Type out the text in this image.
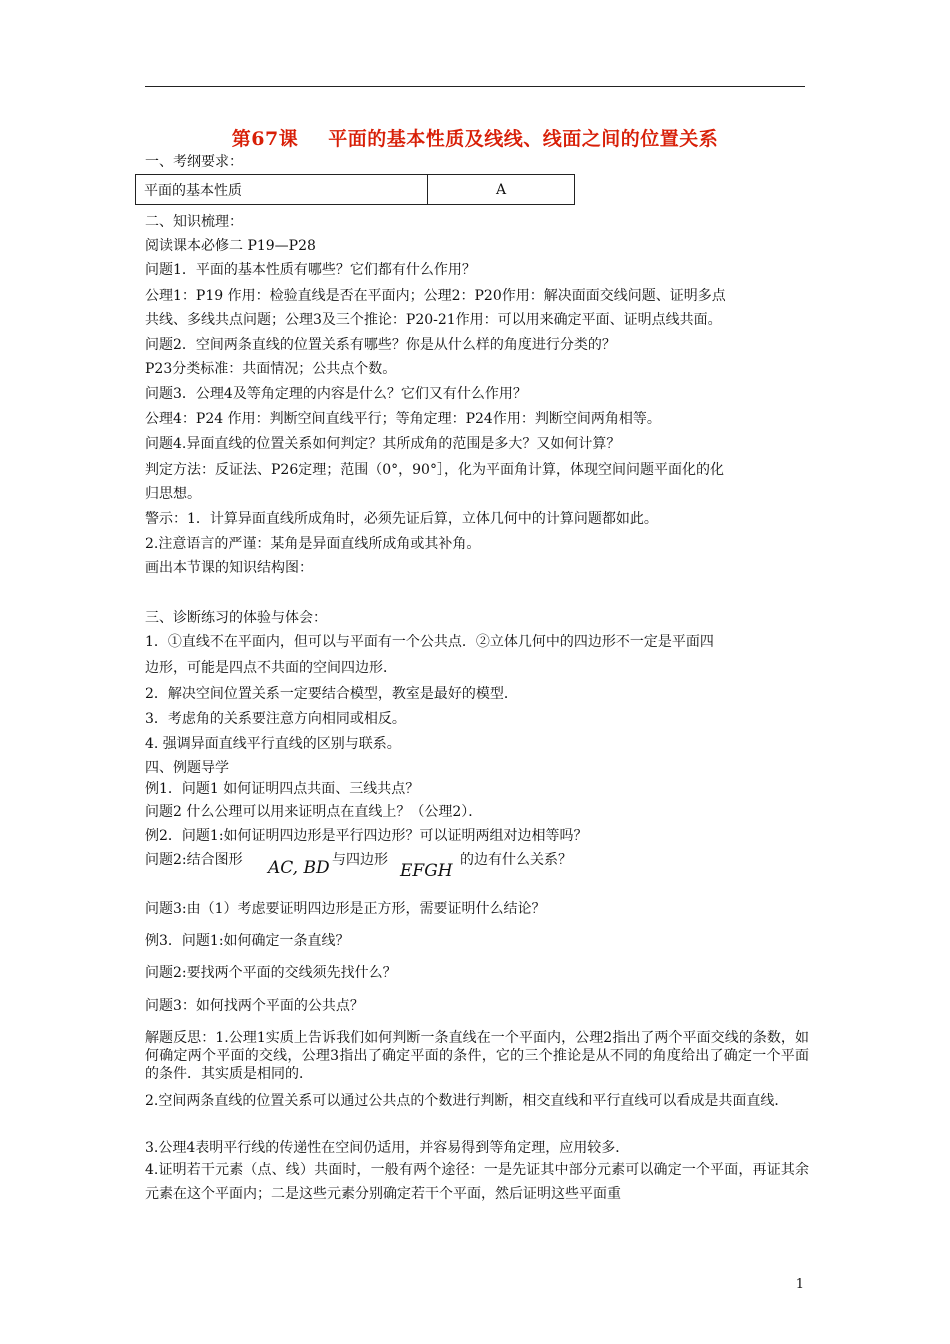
第67课 平面的基本性质及线线、线面之间的位置关系
一、考纲要求：
平面的基本性质	A
二、知识梳理：
阅读课本必修二 P19—P28
问题1．平面的基本性质有哪些？它们都有什么作用？
公理1：P19 作用：检验直线是否在平面内；公理2：P20作用：解决面面交线问题、证明多点
共线、多线共点问题；公理3及三个推论：P20-21作用：可以用来确定平面、证明点线共面。
问题2．空间两条直线的位置关系有哪些？你是从什么样的角度进行分类的？
P23分类标准：共面情况；公共点个数。
问题3．公理4及等角定理的内容是什么？它们又有什么作用？
公理4：P24 作用：判断空间直线平行；等角定理：P24作用：判断空间两角相等。
问题4.异面直线的位置关系如何判定？其所成角的范围是多大？又如何计算？
判定方法：反证法、P26定理；范围（0°，90°］，化为平面角计算，体现空间问题平面化的化
归思想。
警示：1．计算异面直线所成角时，必须先证后算，立体几何中的计算问题都如此。
2.注意语言的严谨：某角是异面直线所成角或其补角。
画出本节课的知识结构图：
三、诊断练习的体验与体会：
1．①直线不在平面内，但可以与平面有一个公共点．②立体几何中的四边形不一定是平面四
边形，可能是四点不共面的空间四边形．
2．解决空间位置关系一定要结合模型，教室是最好的模型．
3．考虑角的关系要注意方向相同或相反。
4. 强调异面直线平行直线的区别与联系。
四、例题导学
例1．问题1 如何证明四点共面、三线共点？
问题2 什么公理可以用来证明点在直线上？（公理2）．
例2．问题1:如何证明四边形是平行四边形？可以证明两组对边相等吗？
问题2:结合图形	AC, BD 与四边形
EFGH
的边有什么关系？
问题3:由（1）考虑要证明四边形是正方形，需要证明什么结论？
例3．问题1:如何确定一条直线？
问题2:要找两个平面的交线须先找什么？
问题3：如何找两个平面的公共点？
解题反思：1.公理1实质上告诉我们如何判断一条直线在一个平面内，公理2指出了两个平面交线的条数，如何确定两个平面的交线，公理3指出了确定平面的条件，它的三个推论是从不同的角度给出了确定一个平面的条件．其实质是相同的．
2.空间两条直线的位置关系可以通过公共点的个数进行判断，相交直线和平行直线可以看成是共面直线．
3.公理4表明平行线的传递性在空间仍适用，并容易得到等角定理，应用较多．
4.证明若干元素（点、线）共面时，一般有两个途径：一是先证其中部分元素可以确定一个平面，再证其余元素在这个平面内；二是这些元素分别确定若干个平面，然后证明这些平面重
1
